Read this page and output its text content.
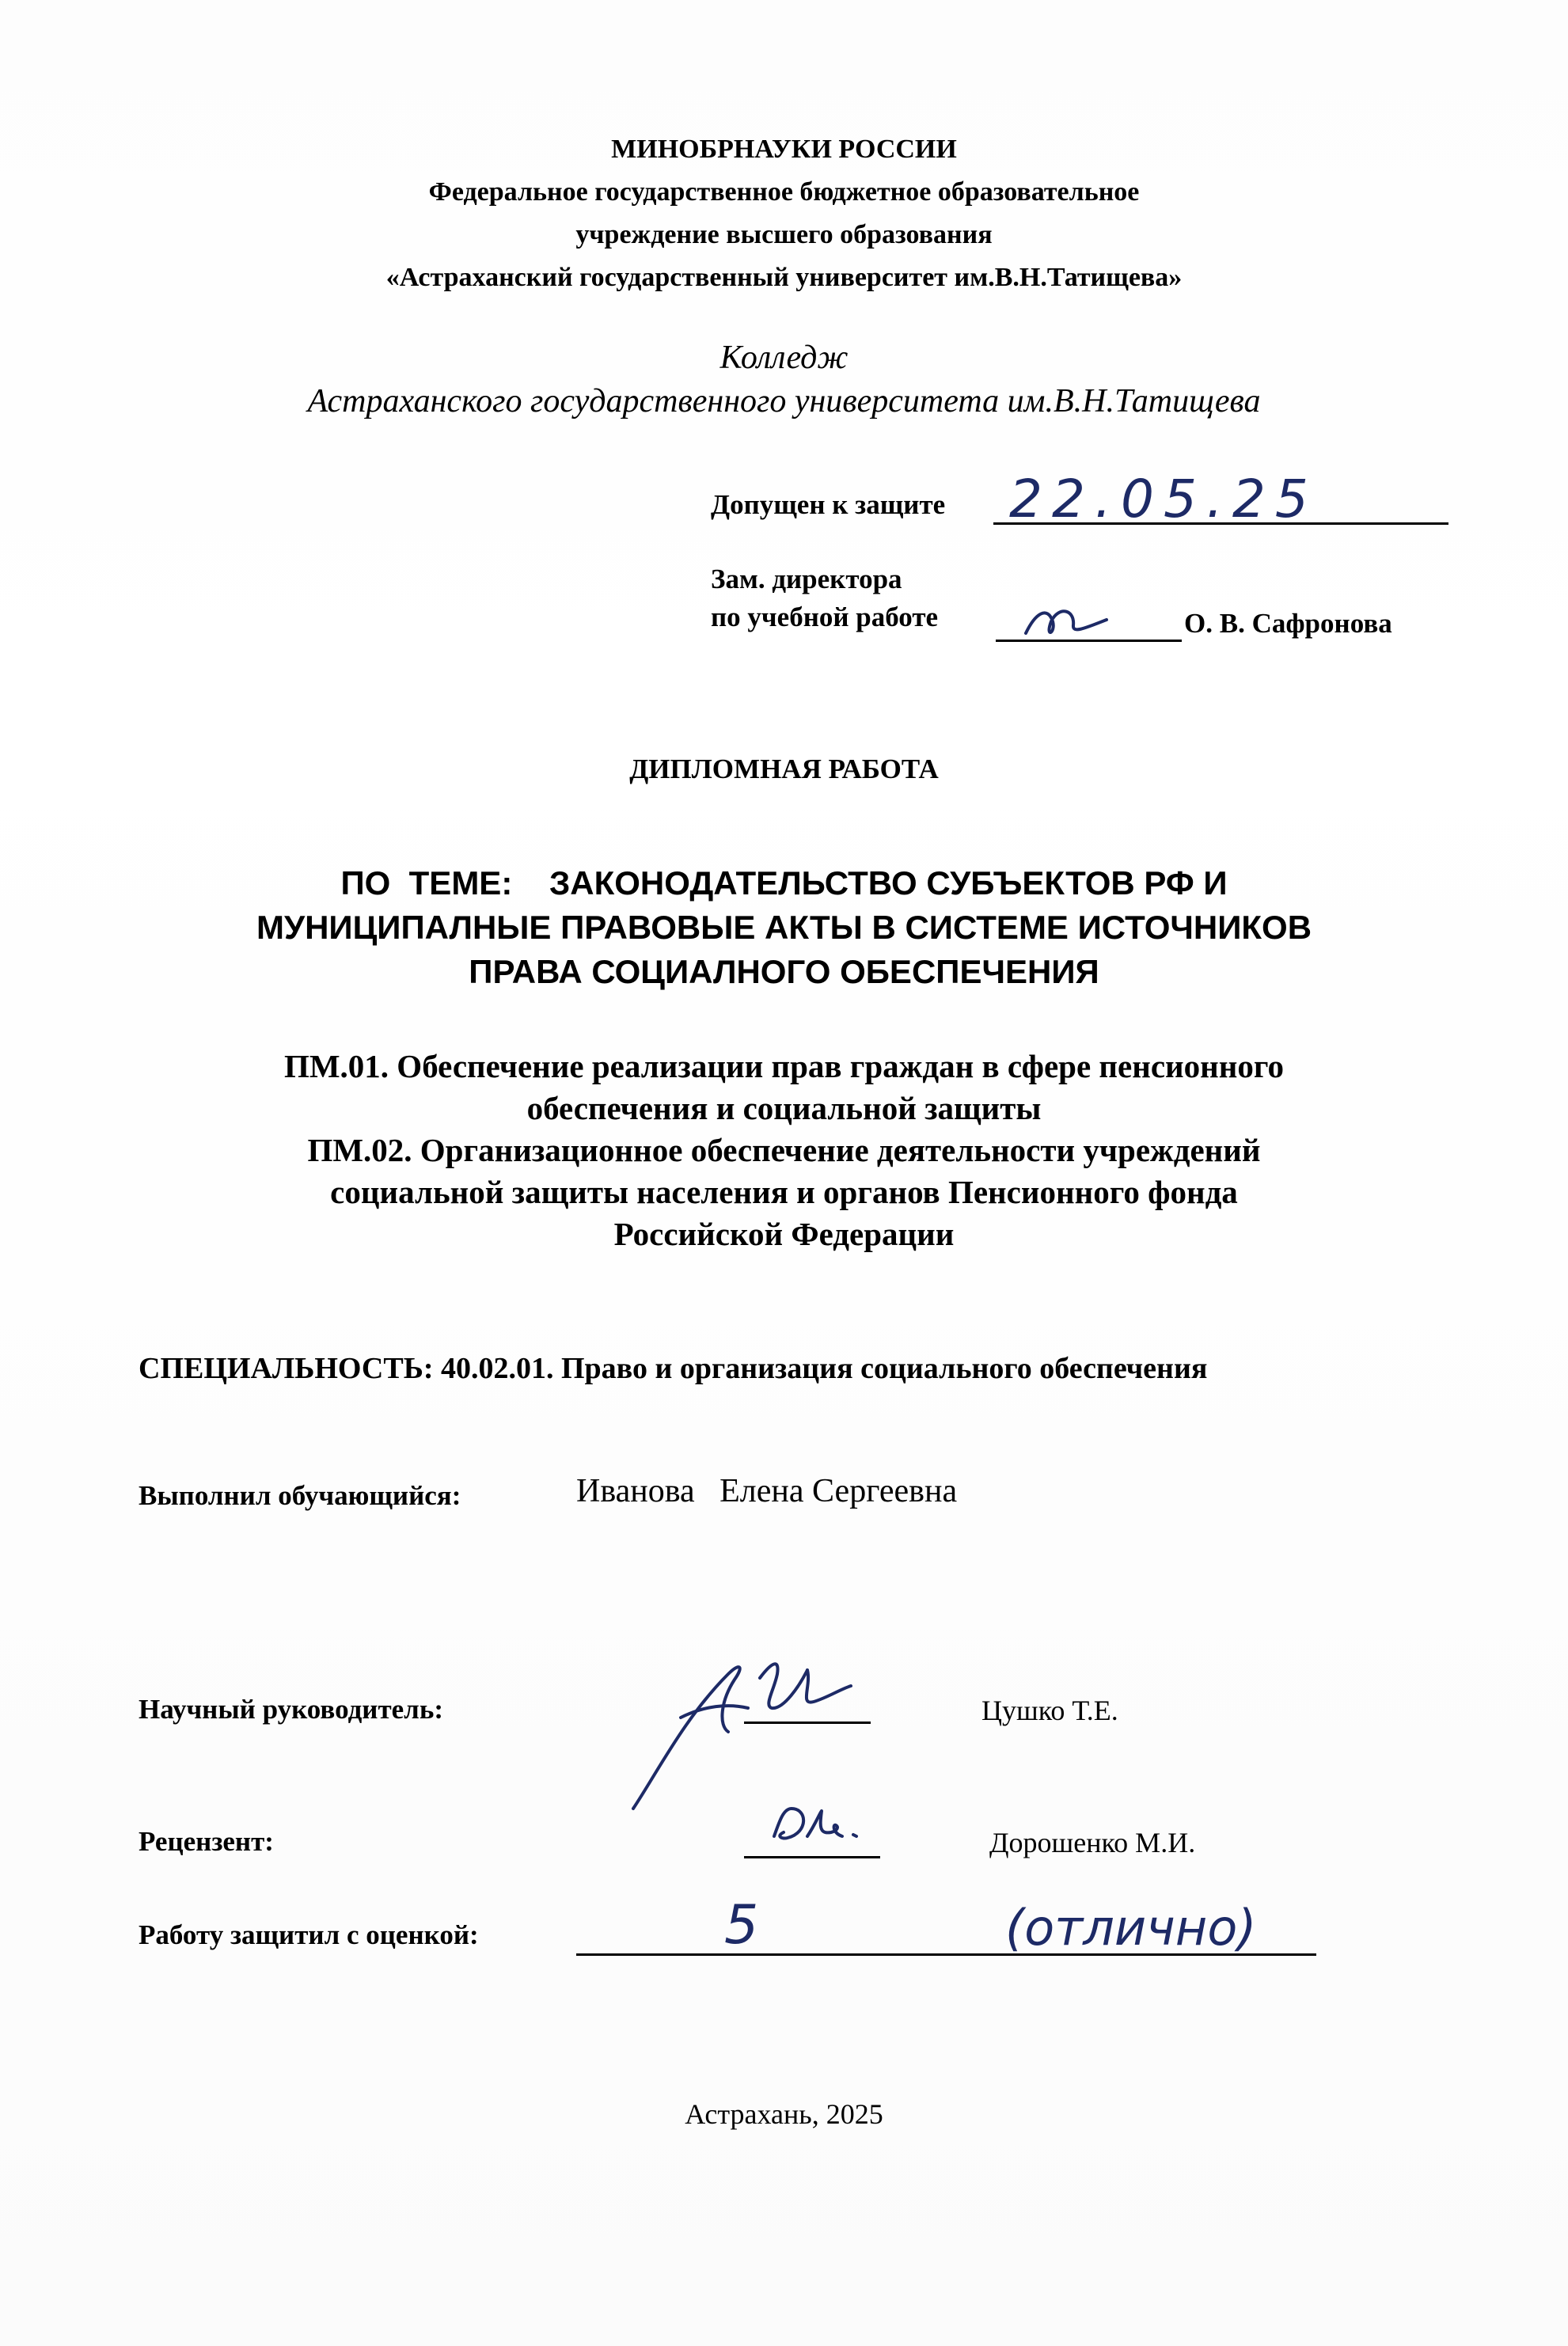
МИНОБРНАУКИ РОССИИ
Федеральное государственное бюджетное образовательное
учреждение высшего образования
«Астраханский государственный университет им.В.Н.Татищева»
Колледж
Астраханского государственного университета им.В.Н.Татищева
Допущен к защите 22.05.25
Зам. директора
по учебной работе	О. В. Сафронова
ДИПЛОМНАЯ РАБОТА
ПО  ТЕМЕ:    ЗАКОНОДАТЕЛЬСТВО СУБЪЕКТОВ РФ И
МУНИЦИПАЛНЫЕ ПРАВОВЫЕ АКТЫ В СИСТЕМЕ ИСТОЧНИКОВ
ПРАВА СОЦИАЛНОГО ОБЕСПЕЧЕНИЯ
ПМ.01. Обеспечение реализации прав граждан в сфере пенсионного
обеспечения и социальной защиты
ПМ.02. Организационное обеспечение деятельности учреждений
социальной защиты населения и органов Пенсионного фонда
Российской Федерации
СПЕЦИАЛЬНОСТЬ: 40.02.01. Право и организация социального обеспечения
Выполнил обучающийся:	Иванова   Елена Сергеевна
Научный руководитель:	Цушко Т.Е.
Рецензент:	Дорошенко М.И.
Работу защитил с оценкой:	5	(отлично)
Астрахань, 2025
